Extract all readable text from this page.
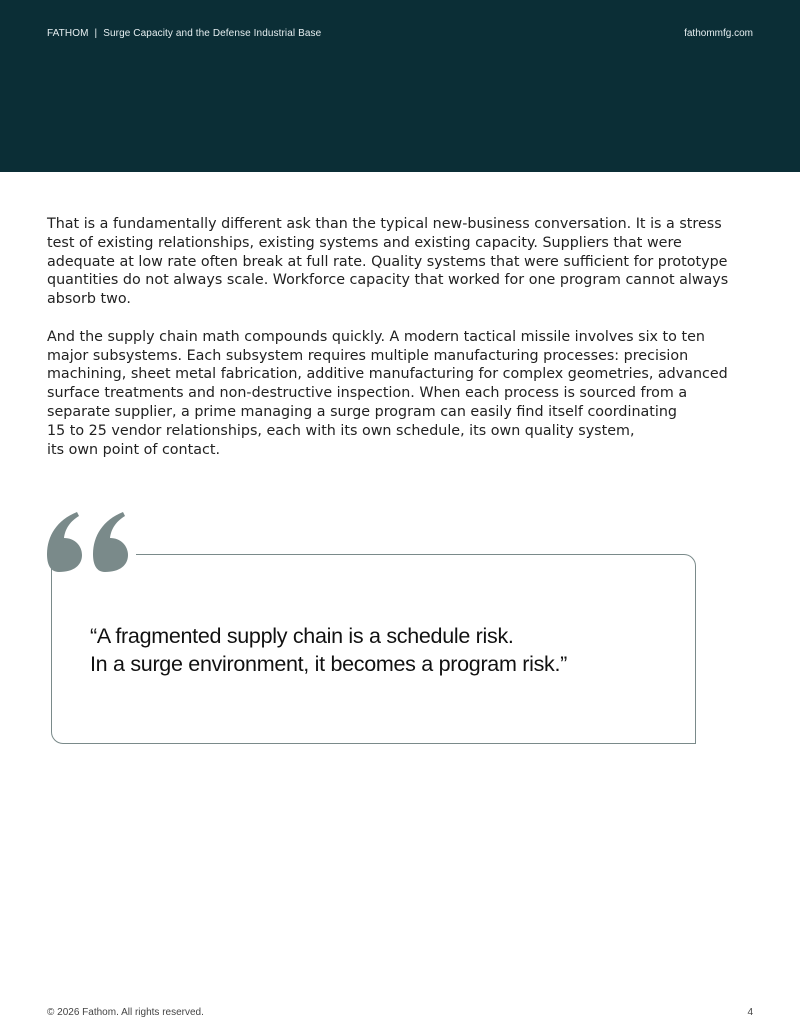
FATHOM | Surge Capacity and the Defense Industrial Base	fathommfg.com

That is a fundamentally different ask than the typical new-business conversation. It is a stress
test of existing relationships, existing systems and existing capacity. Suppliers that were
adequate at low rate often break at full rate. Quality systems that were sufficient for prototype
quantities do not always scale. Workforce capacity that worked for one program cannot always
absorb two.

And the supply chain math compounds quickly. A modern tactical missile involves six to ten
major subsystems. Each subsystem requires multiple manufacturing processes: precision
machining, sheet metal fabrication, additive manufacturing for complex geometries, advanced
surface treatments and non-destructive inspection. When each process is sourced from a
separate supplier, a prime managing a surge program can easily find itself coordinating
15 to 25 vendor relationships, each with its own schedule, its own quality system,
its own point of contact.

“A fragmented supply chain is a schedule risk.
In a surge environment, it becomes a program risk.”
© 2026 Fathom. All rights reserved.	4
